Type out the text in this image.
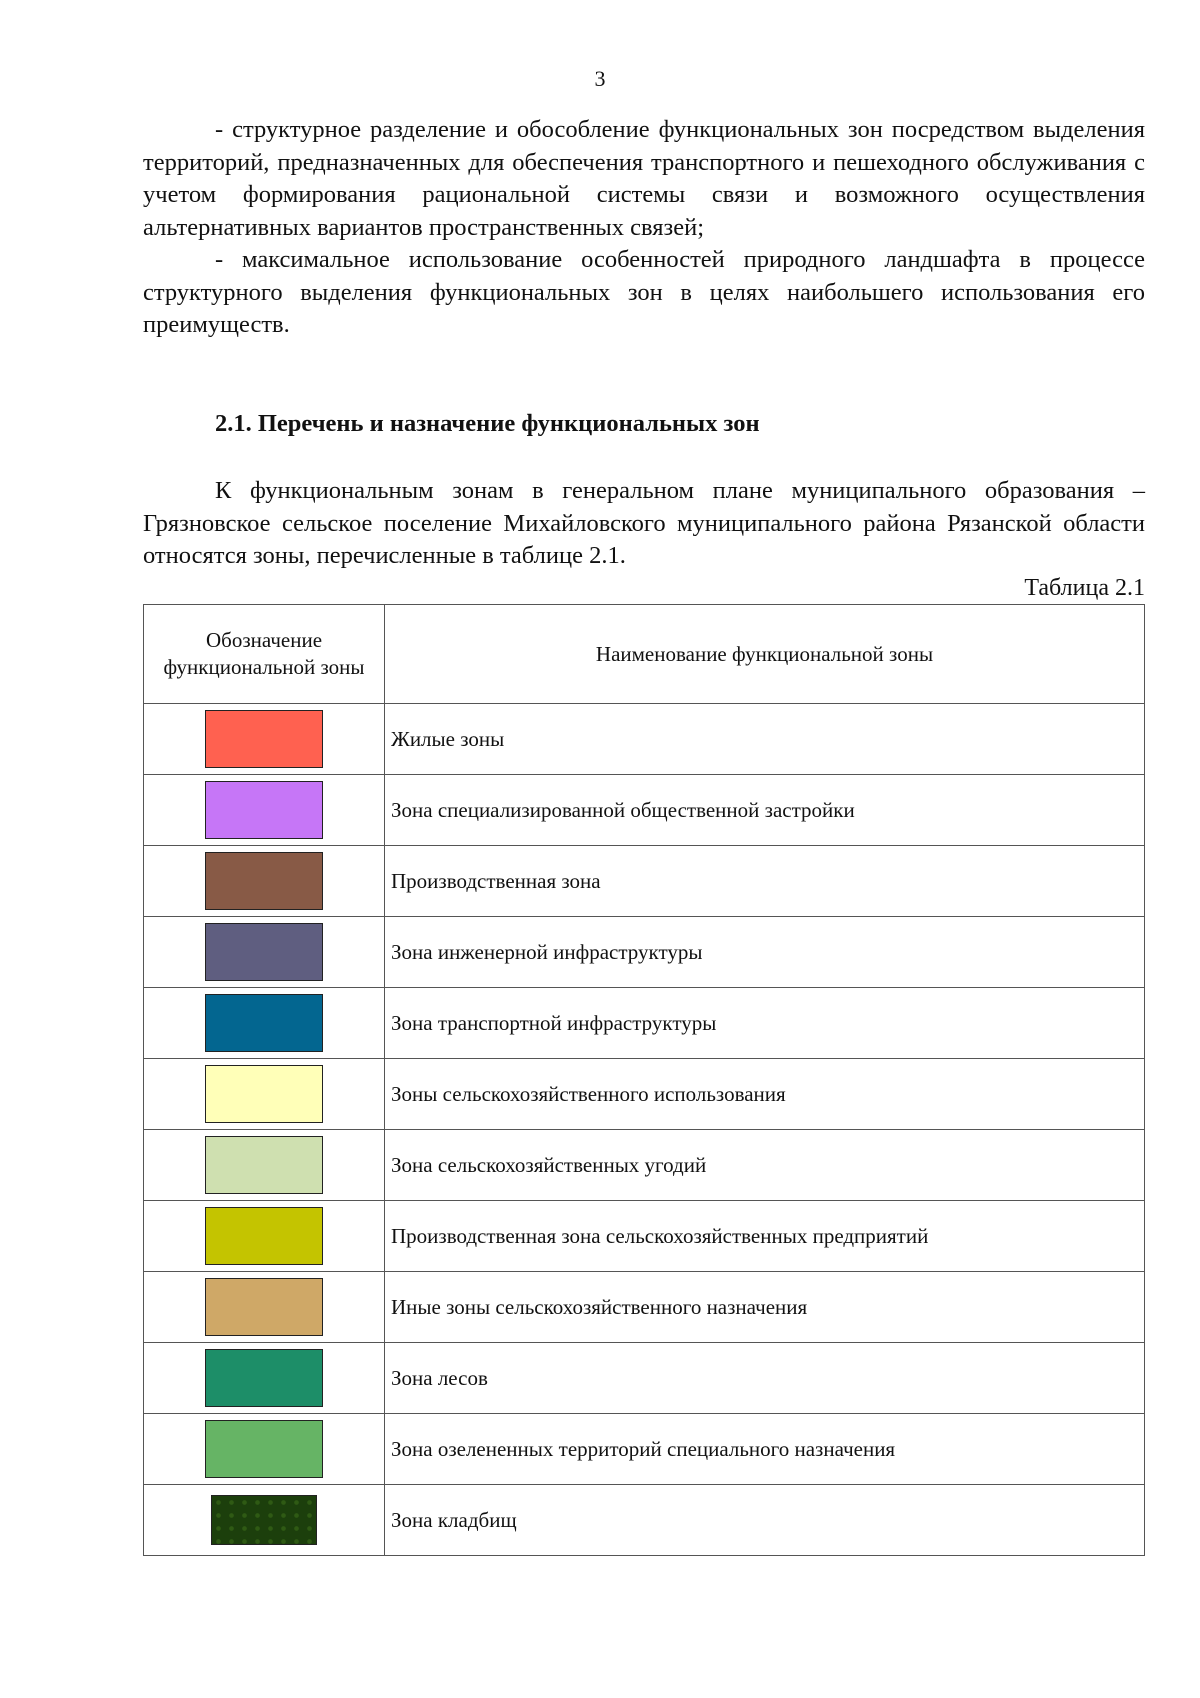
3

- структурное разделение и обособление функциональных зон посредством выделения территорий, предназначенных для обеспечения транспортного и пешеходного обслуживания с учетом формирования рациональной системы связи и возможного осуществления альтернативных вариантов пространственных связей;

- максимальное использование особенностей природного ландшафта в процессе структурного выделения функциональных зон в целях наибольшего использования его преимуществ.

2.1. Перечень и назначение функциональных зон

К функциональным зонам в генеральном плане муниципального образования – Грязновское сельское поселение Михайловского муниципального района Рязанской области относятся зоны, перечисленные в таблице 2.1.

Таблица 2.1
Обозначение функциональной зоны	Наименование функциональной зоны
	Жилые зоны
	Зона специализированной общественной застройки
	Производственная зона
	Зона инженерной инфраструктуры
	Зона транспортной инфраструктуры
	Зоны сельскохозяйственного использования
	Зона сельскохозяйственных угодий
	Производственная зона сельскохозяйственных предприятий
	Иные зоны сельскохозяйственного назначения
	Зона лесов
	Зона озелененных территорий специального назначения
	Зона кладбищ
